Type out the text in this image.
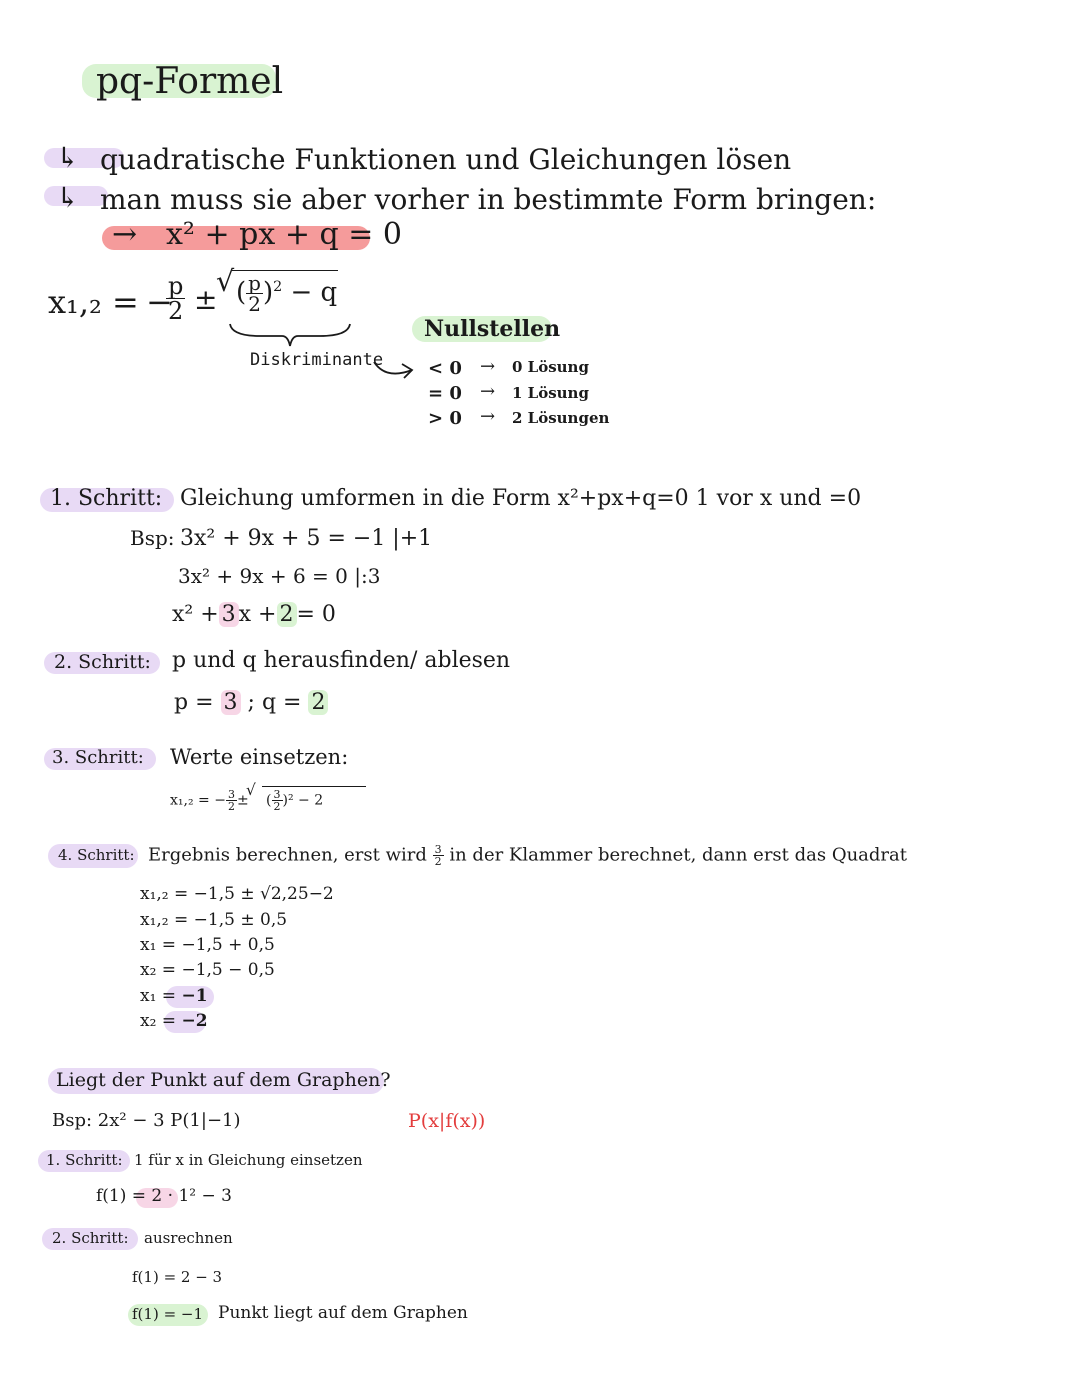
pq-Formel
↳ quadratische Funktionen und Gleichungen lösen
↳ man muss sie aber vorher in bestimmte Form bringen:
→ x² + px + q = 0
x₁,₂ = −
$\frac{p}{2}$ ± √ ( $\frac{p}{2} )^2 - q$
Diskriminante
Nullstellen
< 0 → 0 Lösung
= 0 → 1 Lösung
> 0 → 2 Lösungen
1. Schritt: Gleichung umformen in die Form x²+px+q=0 1 vor x und =0
Bsp: 3x² + 9x + 5 = −1 |+1
3x² + 9x + 6 = 0 |:3
x² + 3 x + 2 = 0
2. Schritt: p und q herausfinden/ ablesen
p = 3 ; q = 2
3. Schritt: Werte einsetzen:
x₁,₂ = − $\frac{3}{2}$ ± √ ( $\frac{3}{2} )^2 - 2$
4. Schritt: Ergebnis berechnen, erst wird $\frac{3}{2}$ in der Klammer berechnet, dann erst das Quadrat
x₁,₂ = −1,5 ± √2,25−2
x₁,₂ = −1,5 ± 0,5
x₁ = −1,5 + 0,5
x₂ = −1,5 − 0,5
x₁ = −1
x₂ = −2
Liegt der Punkt auf dem Graphen?
Bsp: 2x² − 3 P(1|−1)	P(x|f(x))
1. Schritt: 1 für x in Gleichung einsetzen
f(1) = 2 · 1² − 3
2. Schritt: ausrechnen
f(1) = 2 − 3
f(1) = −1 Punkt liegt auf dem Graphen
